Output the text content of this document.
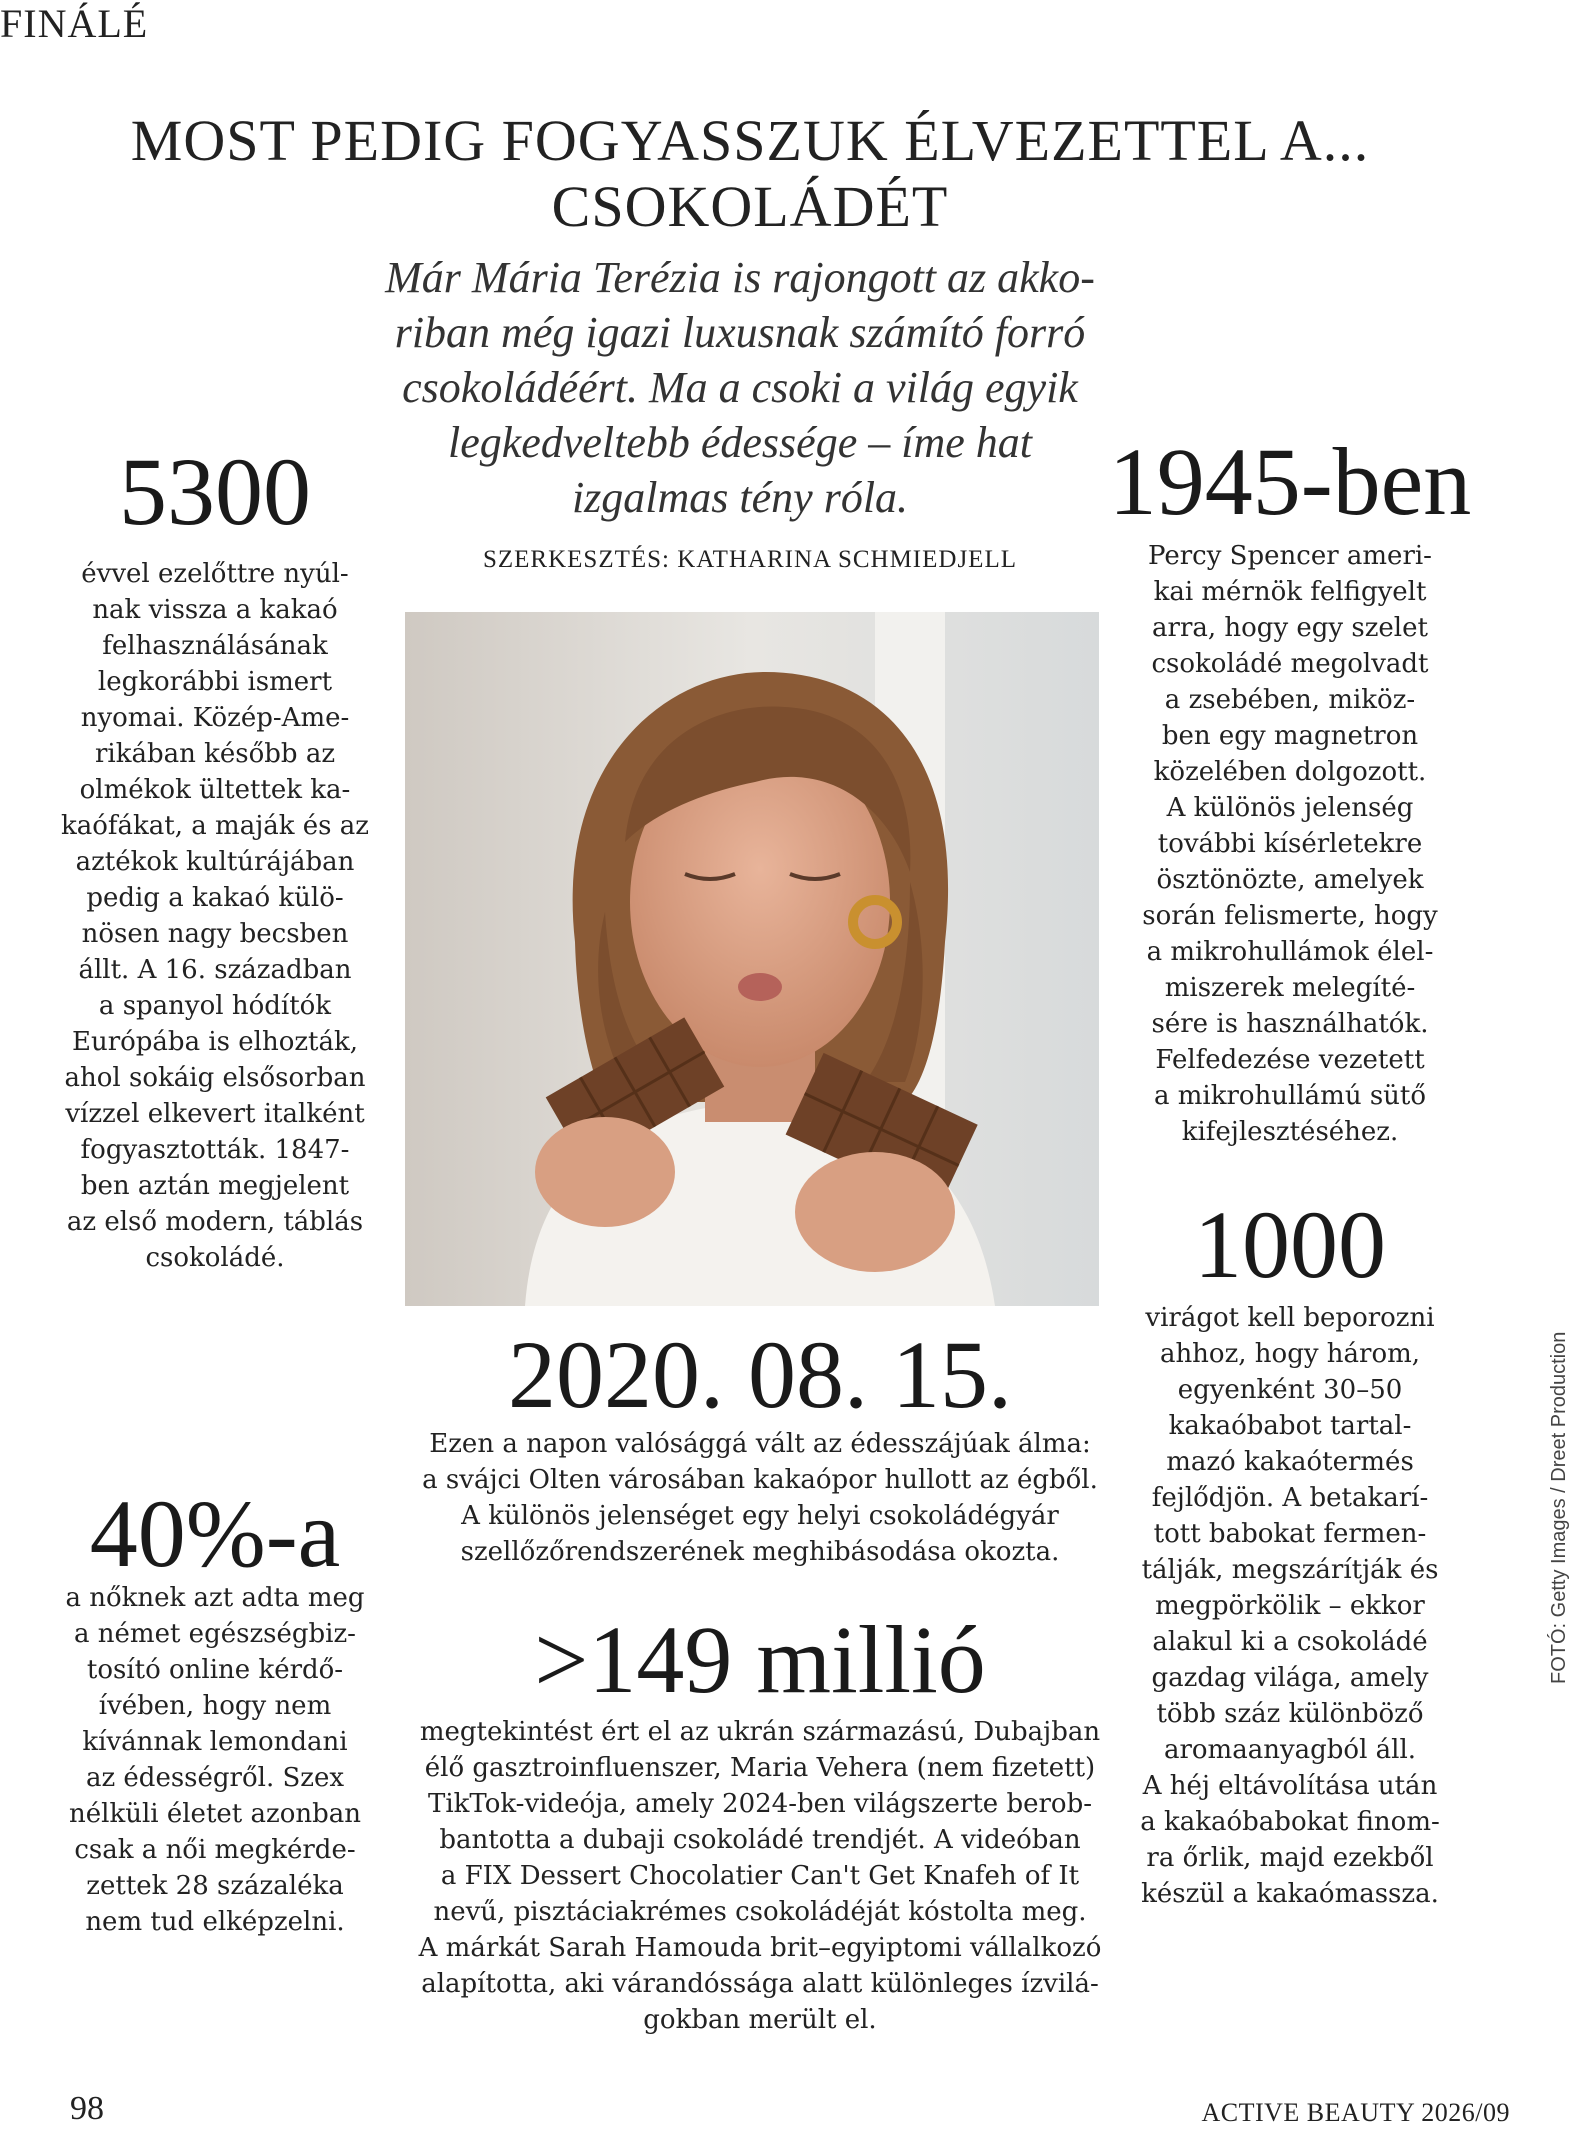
FINÁLÉ
MOST PEDIG FOGYASSZUK ÉLVEZETTEL A...
CSOKOLÁDÉT
Már Mária Terézia is rajongott az akko-riban még igazi luxusnak számító forró csokoládéért. Ma a csoki a világ egyik legkedveltebb édessége – íme hat izgalmas tény róla.
SZERKESZTÉS: KATHARINA SCHMIEDJELL
5300

évvel ezelőttre nyúl-

nak vissza a kakaó

felhasználásának

legkorábbi ismert

nyomai. Közép-Ame-

rikában később az

olmékok ültettek ka-

kaófákat, a maják és az

aztékok kultúrájában

pedig a kakaó külö-

nösen nagy becsben

állt. A 16. században

a spanyol hódítók

Európába is elhozták,

ahol sokáig elsősorban

vízzel elkevert italként

fogyasztották. 1847-

ben aztán megjelent

az első modern, táblás

csokoládé.

40%-a

a nőknek azt adta meg

a német egészségbiz-

tosító online kérdő-

ívében, hogy nem

kívánnak lemondani

az édességről. Szex

nélküli életet azonban

csak a női megkérde-

zettek 28 százaléka

nem tud elképzelni.

1945-ben

Percy Spencer ameri-

kai mérnök felfigyelt

arra, hogy egy szelet

csokoládé megolvadt

a zsebében, miköz-

ben egy magnetron

közelében dolgozott.

A különös jelenség

további kísérletekre

ösztönözte, amelyek

során felismerte, hogy

a mikrohullámok élel-

miszerek melegíté-

sére is használhatók.

Felfedezése vezetett

a mikrohullámú sütő

kifejlesztéséhez.

1000

virágot kell beporozni

ahhoz, hogy három,

egyenként 30–50

kakaóbabot tartal-

mazó kakaótermés

fejlődjön. A betakarí-

tott babokat fermen-

tálják, megszárítják és

megpörkölik – ekkor

alakul ki a csokoládé

gazdag világa, amely

több száz különböző

aromaanyagból áll.

A héj eltávolítása után

a kakaóbabokat finom-

ra őrlik, majd ezekből

készül a kakaómassza.

2020. 08. 15.

Ezen a napon valósággá vált az édesszájúak álma:

a svájci Olten városában kakaópor hullott az égből.

A különös jelenséget egy helyi csokoládégyár

szellőzőrendszerének meghibásodása okozta.

>149 millió

megtekintést ért el az ukrán származású, Dubajban

élő gasztroinfluenszer, Maria Vehera (nem fizetett)

TikTok-videója, amely 2024-ben világszerte berob-

bantotta a dubaji csokoládé trendjét. A videóban

a FIX Dessert Chocolatier Can't Get Knafeh of It

nevű, pisztáciakrémes csokoládéját kóstolta meg.

A márkát Sarah Hamouda brit–egyiptomi vállalkozó

alapította, aki várandóssága alatt különleges ízvilá-

gokban merült el.

FOTÓ: Getty Images / Dreet Production
98	ACTIVE BEAUTY 2026/09
